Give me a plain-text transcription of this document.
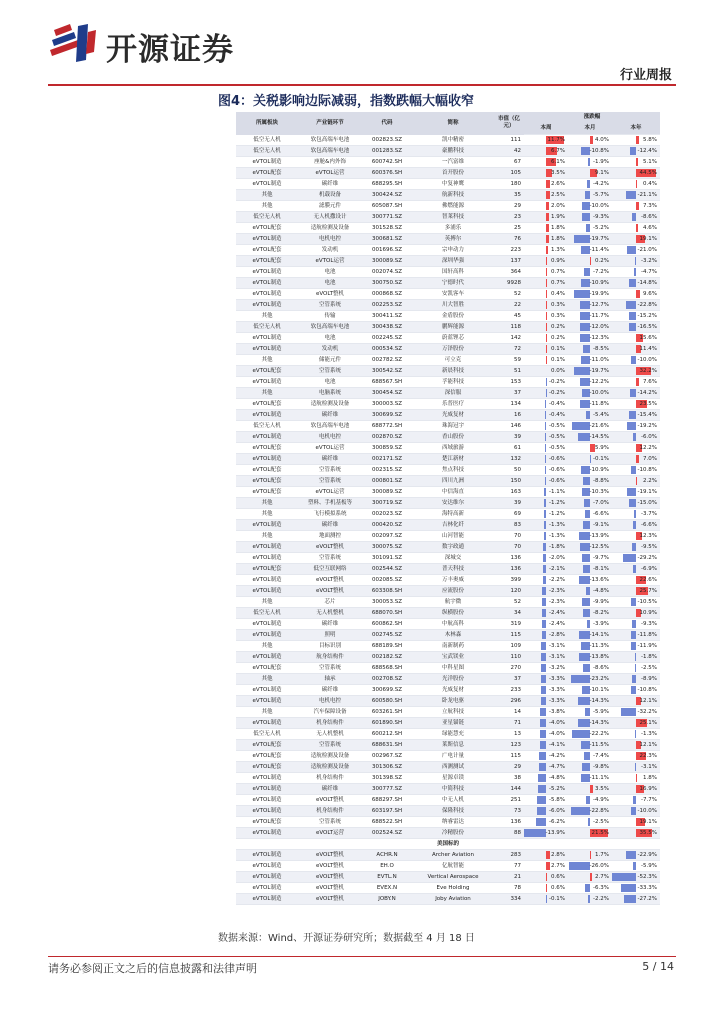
开源证券
行业周报
图4：关税影响边际减弱，指数跌幅大幅收窄
所属板块	产业链环节	代码	简称	市值（亿元）	涨跌幅		
					本周	本月	本年
低空无人机	软包高端车电池	002823.SZ	凯中精密	111	11.7%	4.0%	5.8%

低空无人机	软包高端车电池	001283.SZ	豪鹏科技	42	6.7%	-10.8%	-12.4%

eVTOL制造	座舱&内外饰	600742.SH	一汽富维	67	6.1%	-1.9%	5.1%

eVTOL配套	eVTOL运营	600376.SH	首开股份	105	3.5%	9.1%	44.5%

eVTOL制造	碳纤维	688295.SH	中复神鹰	180	2.6%	-4.2%	0.4%

其他	机载设备	300424.SZ	航新科技	35	2.5%	-5.7%	-21.1%

其他	滤膜元件	605087.SH	佛燃能源	29	2.0%	-10.0%	7.3%

低空无人机	无人机撒设计	300771.SZ	智莱科技	23	1.9%	-9.3%	-8.6%

eVTOL配套	适航检测及设备	301528.SZ	多浦乐	25	1.8%	-5.2%	4.6%

eVTOL制造	电机电控	300681.SZ	英搏尔	76	1.8%	-19.7%	19.1%

eVTOL配套	发动机	001696.SZ	宗申动力	223	1.3%	-11.4%	-21.0%

eVTOL配套	eVTOL运营	300089.SZ	深圳华强	137	0.9%	0.2%	-3.2%

eVTOL制造	电池	002074.SZ	国轩高科	364	0.7%	-7.2%	-4.7%

eVTOL制造	电池	300750.SZ	宁德时代	9928	0.7%	-10.9%	-14.8%

eVTOL制造	eVOLT整机	000868.SZ	安凯客车	52	0.4%	-19.9%	9.6%

eVTOL制造	空管系统	002253.SZ	川大智胜	22	0.3%	-12.7%	-22.8%

其他	传输	300411.SZ	金盾股份	45	0.3%	-11.7%	-15.2%

低空无人机	软包高端车电池	300438.SZ	鹏辉能源	118	0.2%	-12.0%	-16.5%

eVTOL制造	电池	002245.SZ	蔚蓝锂芯	142	0.2%	-12.3%	15.6%

eVTOL制造	发动机	000534.SZ	万泽股份	72	0.1%	-8.5%	11.4%

其他	储能元件	002782.SZ	可立克	59	0.1%	-11.0%	-10.0%

eVTOL配套	空管系统	300542.SZ	新晨科技	51	0.0%	-19.7%	32.2%

eVTOL制造	电池	688567.SH	孚能科技	153	-0.2%	-12.2%	7.6%

其他	电脑系统	300454.SZ	深信服	37	-0.2%	-10.0%	-14.2%

eVTOL配套	适航检测及设备	300003.SZ	乐普医疗	134	-0.4%	-11.8%	23.5%

eVTOL制造	碳纤维	300699.SZ	光威复材	16	-0.4%	-5.4%	-15.4%

低空无人机	软包高端车电池	688772.SH	珠海冠宇	146	-0.5%	-21.6%	-19.2%

eVTOL制造	电机电控	002870.SZ	香山股份	39	-0.5%	-14.5%	-6.0%

eVTOL配套	eVTOL运营	300859.SZ	西域旅游	61	-0.5%	5.9%	12.2%

eVTOL制造	碳纤维	002171.SZ	楚江新材	132	-0.6%	-0.1%	7.0%

eVTOL配套	空管系统	002315.SZ	焦点科技	50	-0.6%	-10.9%	-10.8%

eVTOL配套	空管系统	000801.SZ	四川九洲	150	-0.6%	-8.8%	2.2%

eVTOL配套	eVTOL运营	300089.SZ	中信海直	163	-1.1%	-10.3%	-19.1%

其他	塑料、手机基板等	300719.SZ	安达维尔	39	-1.2%	-7.0%	-15.0%

其他	飞行模拟系统	002023.SZ	海特高新	69	-1.2%	-6.6%	-3.7%

eVTOL制造	碳纤维	000420.SZ	吉林化纤	83	-1.3%	-9.1%	-6.6%

其他	地面测控	002097.SZ	山河智能	70	-1.3%	-13.9%	12.3%

eVTOL制造	eVOLT整机	300075.SZ	数字政通	70	-1.8%	-12.5%	-9.5%

eVTOL制造	空管系统	301091.SZ	深城交	136	-2.0%	-9.7%	-29.2%

eVTOL配套	低空互联网络	002544.SZ	普天科技	136	-2.1%	-8.1%	-6.9%

eVTOL制造	eVOLT整机	002085.SZ	万丰奥威	399	-2.2%	-13.6%	22.6%

eVTOL制造	eVOLT整机	603308.SH	应流股份	120	-2.3%	-4.8%	25.7%

其他	芯片	300053.SZ	航宇微	52	-2.3%	-9.9%	-10.5%

低空无人机	无人机整机	688070.SH	纵横股份	34	-2.4%	-8.2%	10.9%

eVTOL制造	碳纤维	600862.SH	中航高科	319	-2.4%	-3.9%	-9.3%

eVTOL制造	照明	002745.SZ	木林森	115	-2.8%	-14.1%	-11.8%

其他	目标识别	688189.SH	南新制药	109	-3.1%	-11.3%	-11.9%

eVTOL制造	航身结构件	002182.SZ	宝武镁业	110	-3.1%	-13.8%	-1.8%

eVTOL配套	空管系统	688568.SH	中科星图	270	-3.2%	-8.6%	-2.5%

其他	轴承	002708.SZ	光洋股份	37	-3.3%	-23.2%	-8.9%

eVTOL制造	碳纤维	300699.SZ	光威复材	233	-3.3%	-10.1%	-10.8%

eVTOL制造	电机电控	600580.SH	卧龙电驱	296	-3.3%	-14.3%	12.1%

其他	汽车保障设备	603261.SH	立航科技	14	-3.8%	-5.9%	-32.2%

eVTOL制造	机身结构件	601890.SH	亚星锚链	71	-4.0%	-14.3%	25.1%

低空无人机	无人机整机	600212.SH	绿能慧充	13	-4.0%	-22.2%	-1.3%

eVTOL配套	空管系统	688631.SH	莱斯信息	123	-4.1%	-11.5%	12.1%

eVTOL配套	适航检测及设备	002967.SZ	广电计量	115	-4.2%	-7.4%	22.3%

eVTOL配套	适航检测及设备	301306.SZ	西测测试	29	-4.7%	-9.8%	-3.1%

eVTOL制造	机身结构件	301398.SZ	星源卓镁	38	-4.8%	-11.1%	1.8%

eVTOL制造	碳纤维	300777.SZ	中简科技	144	-5.2%	3.5%	16.9%

eVTOL制造	eVOLT整机	688297.SH	中无人机	251	-5.8%	-4.9%	-7.7%

eVTOL制造	机身结构件	603197.SH	保隆科技	73	-6.0%	-22.8%	-10.0%

eVTOL配套	空管系统	688522.SH	纳睿雷达	136	-6.2%	-2.5%	19.1%

eVTOL制造	eVOLT运营	002524.SZ	冷精股份	88	-13.9%	21.5%	35.5%

美国标的							
eVTOL制造	eVOLT整机	ACHR.N	Archer Aviation	283	2.8%	1.7%	-22.9%

eVTOL制造	eVOLT整机	EH.O	亿航智能	77	2.7%	-26.0%	-5.9%

eVTOL制造	eVOLT整机	EVTL.N	Vertical Aerospace	21	0.6%	2.7%	-52.3%

eVTOL制造	eVOLT整机	EVEX.N	Eve Holding	78	0.6%	-6.3%	-33.3%

eVTOL制造	eVOLT整机	JOBY.N	Joby Aviation	334	-0.1%	-2.2%	-27.2%
数据来源：Wind、开源证券研究所；数据截至 4 月 18 日
请务必参阅正文之后的信息披露和法律声明	5 / 14
